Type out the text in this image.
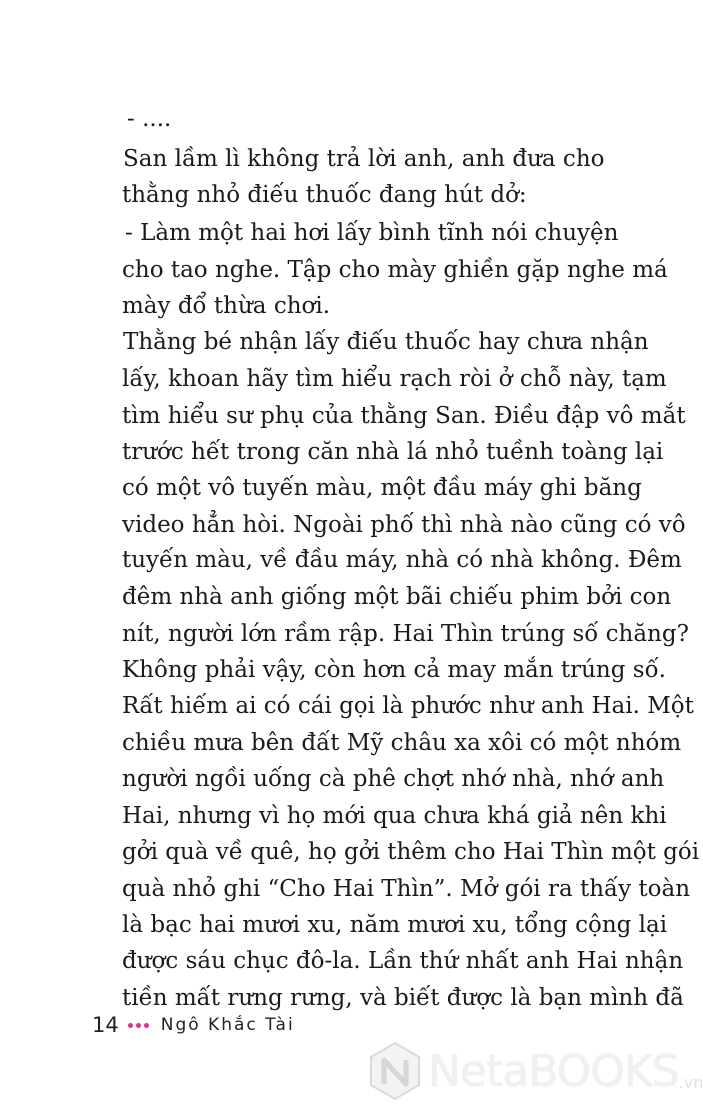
- ....
San lầm lì không trả lời anh, anh đưa cho
thằng nhỏ điếu thuốc đang hút dở:
- Làm một hai hơi lấy bình tĩnh nói chuyện
cho tao nghe. Tập cho mày ghiền gặp nghe má
mày đổ thừa chơi.
Thằng bé nhận lấy điếu thuốc hay chưa nhận
lấy, khoan hãy tìm hiểu rạch ròi ở chỗ này, tạm
tìm hiểu sư phụ của thằng San. Điều đập vô mắt
trước hết trong căn nhà lá nhỏ tuềnh toàng lại
có một vô tuyến màu, một đầu máy ghi băng
video hẳn hòi. Ngoài phố thì nhà nào cũng có vô
tuyến màu, về đầu máy, nhà có nhà không. Đêm
đêm nhà anh giống một bãi chiếu phim bởi con
nít, người lớn rầm rập. Hai Thìn trúng số chăng?
Không phải vậy, còn hơn cả may mắn trúng số.
Rất hiếm ai có cái gọi là phước như anh Hai. Một
chiều mưa bên đất Mỹ châu xa xôi có một nhóm
người ngồi uống cà phê chợt nhớ nhà, nhớ anh
Hai, nhưng vì họ mới qua chưa khá giả nên khi
gởi quà về quê, họ gởi thêm cho Hai Thìn một gói
quà nhỏ ghi “Cho Hai Thìn”. Mở gói ra thấy toàn
là bạc hai mươi xu, năm mươi xu, tổng cộng lại
được sáu chục đô-la. Lần thứ nhất anh Hai nhận
tiền mất rưng rưng, và biết được là bạn mình đã
14 Ngô Khắc Tài
NetaBOOKS .vn
